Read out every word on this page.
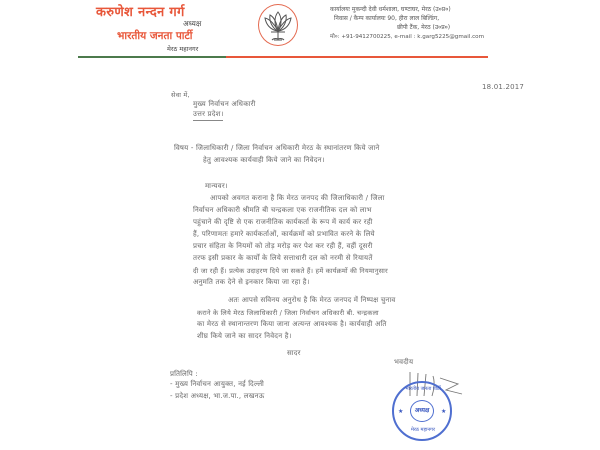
करुणेश नन्दन गर्ग
अध्यक्ष
भारतीय जनता पार्टी
मेरठ महानगर
कार्यालयः मुकन्दी देवी धर्मशाला, घण्टाघर, मेरठ (उ०प्र०)
निवास / कैम्प कार्यालयः 90, हीरा लाल बिल्डिंग,
छीपी टैंक, मेरठ (उ०प्र०)
मो०: +91-9412700225, e-mail : k.garg5225@gmail.com
18.01.2017
सेवा में,
मुख्य निर्वाचन अधिकारी
उत्तर प्रदेश।
विषय - जिलाधिकारी / जिला निर्वाचन अधिकारी मेरठ के स्थानांतरण किये जाने
हेतु आवश्यक कार्यवाही किये जाने का निवेदन।
मान्यवर।
आपको अवगत कराना है कि मेरठ जनपद की जिलाधिकारी / जिला
निर्वाचन अधिकारी श्रीमति बी चन्द्रकला एक राजनीतिक दल को लाभ
पहुंचाने की दृष्टि से एक राजनीतिक कार्यकर्ता के रूप में कार्य कर रही
हैं, परिणामतः हमारे कार्यकर्ताओं, कार्यक्रमों को प्रभावित करने के लिये
प्रचार संहिता के नियमों को तोड़ मरोड़ कर पेश कर रही हैं, वहीं दूसरी
तरफ इसी प्रकार के कार्यों के लिये सत्ताधारी दल को नरमी से रियायतें
दी जा रही हैं। प्रत्येक उदाहरण दिये जा सकते हैं। हमें कार्यक्रमों की नियमानुसार
अनुमति तक देने से इनकार किया जा रहा है।
अतः आपसे सविनय अनुरोध है कि मेरठ जनपद में निष्पक्ष चुनाव
कराने के लिये मेरठ जिलाधिकारी / जिला निर्वाचन अधिकारी बी. चन्द्रकला
का मेरठ से स्थानान्तरण किया जाना अत्यन्त आवश्यक है। कार्यवाही अति
शीघ्र किये जाने का सादर निवेदन है।
सादर
भवदीय
भारतीय जनता पार्टी
अध्यक्ष
मेरठ महानगर
★	★
प्रतिलिपि :
- मुख्य निर्वाचन आयुक्त, नई दिल्ली
- प्रदेश अध्यक्ष, भा.ज.पा., लखनऊ
